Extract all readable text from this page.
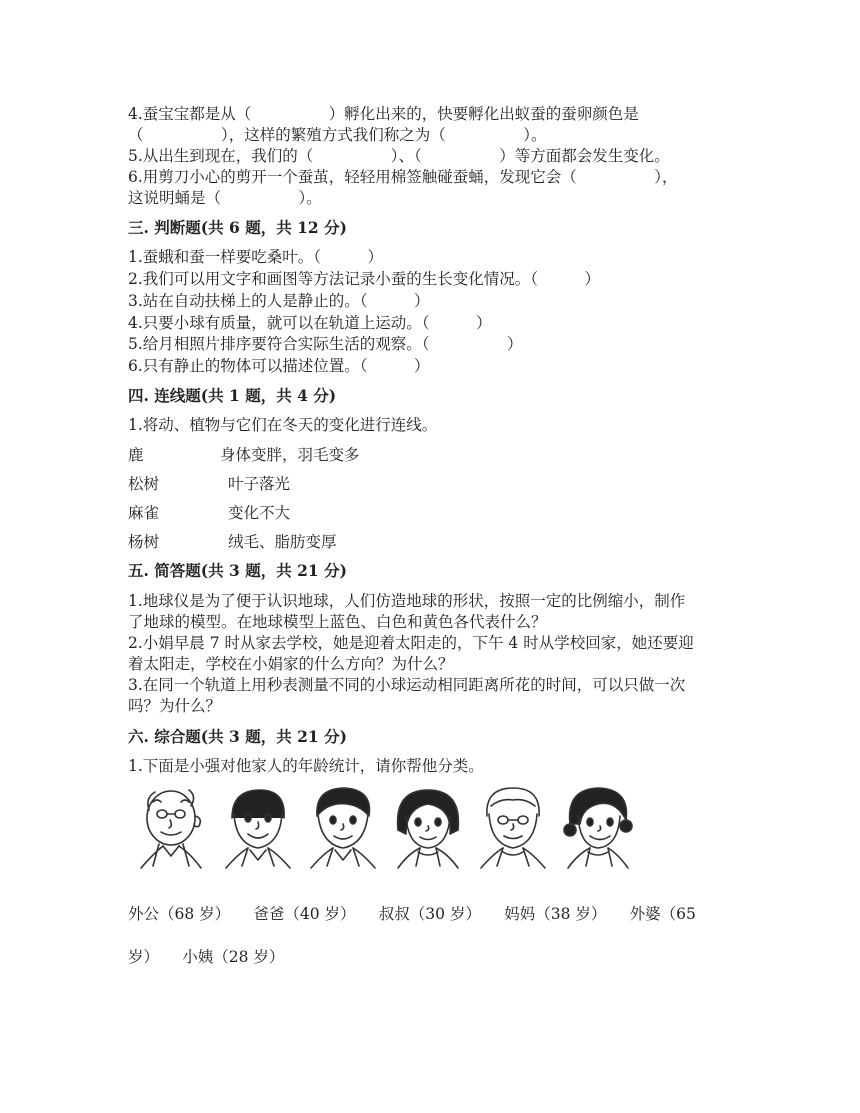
4.蚕宝宝都是从（　　　　　）孵化出来的，快要孵化出蚁蚕的蚕卵颜色是
（　　　　　），这样的繁殖方式我们称之为（　　　　　）。
5.从出生到现在，我们的（　　　　　）、（　　　　　）等方面都会发生变化。
6.用剪刀小心的剪开一个蚕茧，轻轻用棉签触碰蚕蛹，发现它会（　　　　　），
这说明蛹是（　　　　　）。
三. 判断题(共 6 题，共 12 分)
1.蚕蛾和蚕一样要吃桑叶。（　　　）
2.我们可以用文字和画图等方法记录小蚕的生长变化情况。（　　　）
3.站在自动扶梯上的人是静止的。（　　　）
4.只要小球有质量，就可以在轨道上运动。（　　　）
5.给月相照片排序要符合实际生活的观察。（　　　　　）
6.只有静止的物体可以描述位置。（　　　）
四. 连线题(共 1 题，共 4 分)
1.将动、植物与它们在冬天的变化进行连线。
鹿	身体变胖，羽毛变多
松树	叶子落光
麻雀	变化不大
杨树	绒毛、脂肪变厚
五. 简答题(共 3 题，共 21 分)
1.地球仪是为了便于认识地球，人们仿造地球的形状，按照一定的比例缩小，制作
了地球的模型。在地球模型上蓝色、白色和黄色各代表什么？
2.小娟早晨 7 时从家去学校，她是迎着太阳走的，下午 4 时从学校回家，她还要迎
着太阳走，学校在小娟家的什么方向？为什么？
3.在同一个轨道上用秒表测量不同的小球运动相同距离所花的时间，可以只做一次
吗？为什么？
六. 综合题(共 3 题，共 21 分)
1.下面是小强对他家人的年龄统计，请你帮他分类。
外公（68 岁）　　爸爸（40 岁）　　叔叔（30 岁）　　妈妈（38 岁）　　外婆（65
岁）　　小姨（28 岁）
